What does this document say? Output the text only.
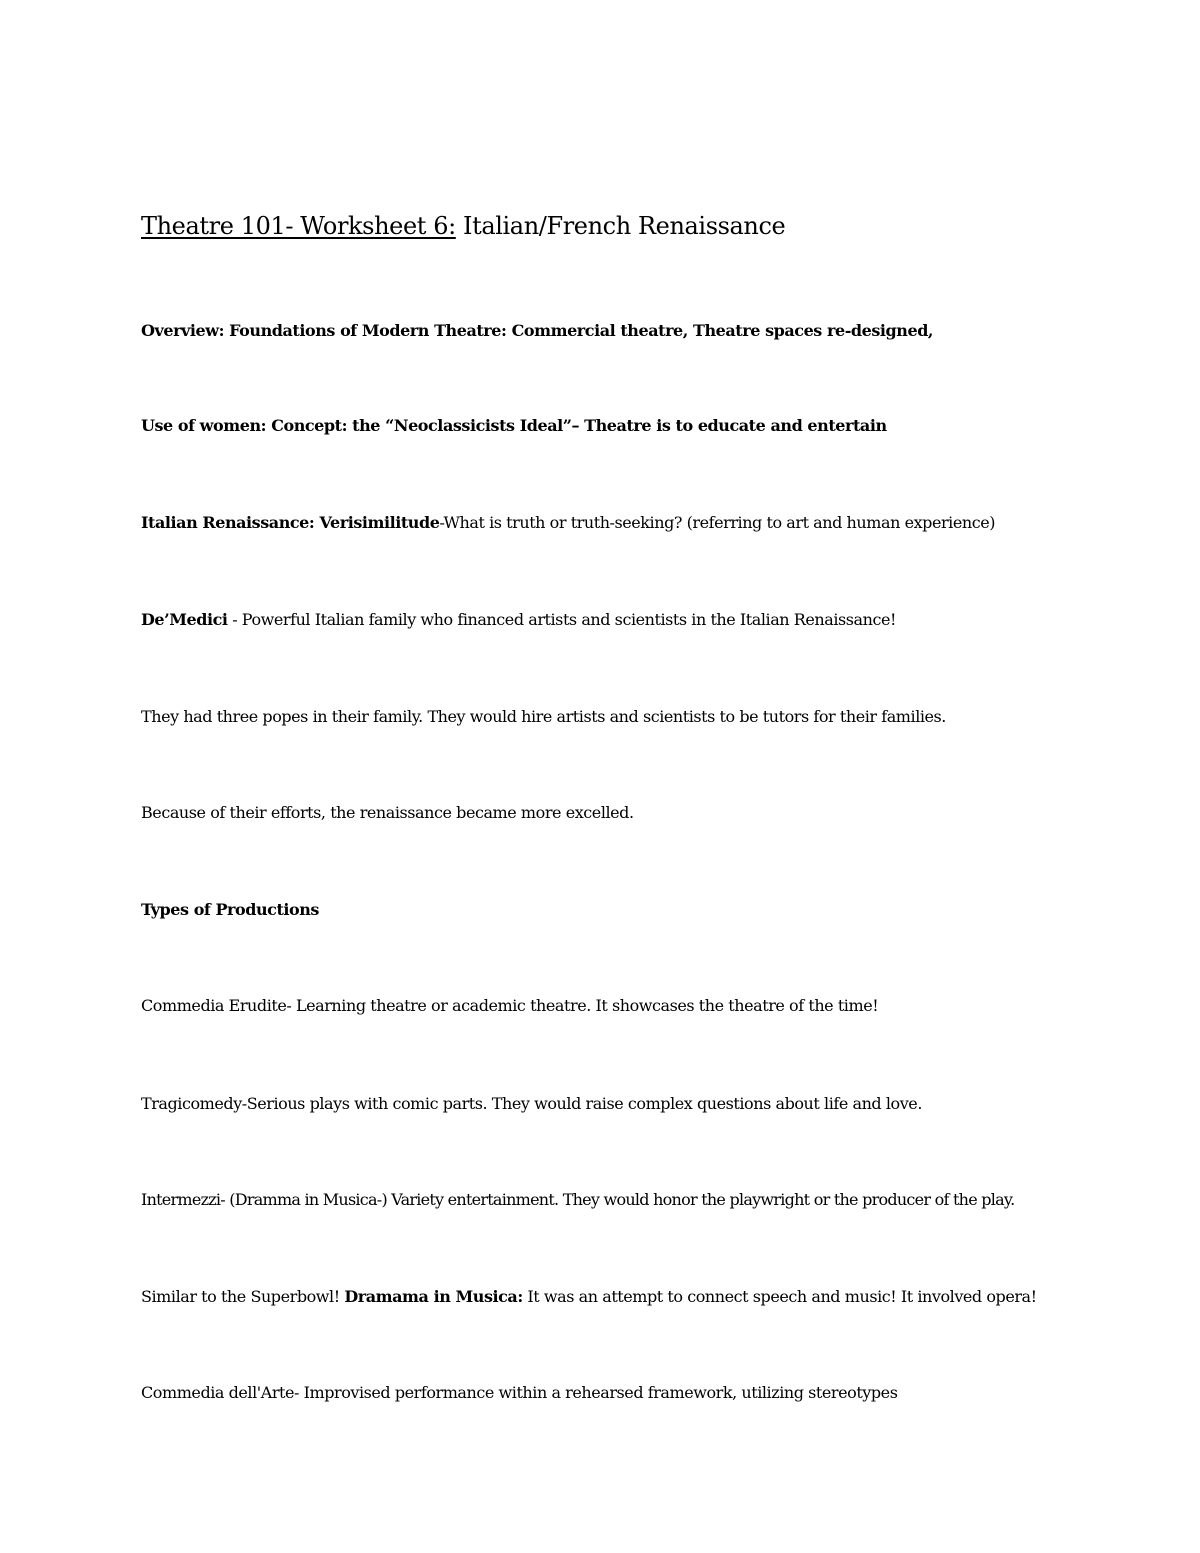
Theatre 101- Worksheet 6: Italian/French Renaissance
Overview: Foundations of Modern Theatre: Commercial theatre, Theatre spaces re-designed,
Use of women: Concept: the “Neoclassicists Ideal”– Theatre is to educate and entertain
Italian Renaissance: Verisimilitude-What is truth or truth-seeking? (referring to art and human experience)
De’Medici - Powerful Italian family who financed artists and scientists in the Italian Renaissance!
They had three popes in their family. They would hire artists and scientists to be tutors for their families.
Because of their efforts, the renaissance became more excelled.
Types of Productions
Commedia Erudite- Learning theatre or academic theatre. It showcases the theatre of the time!
Tragicomedy-Serious plays with comic parts. They would raise complex questions about life and love.
Intermezzi- (Dramma in Musica-) Variety entertainment. They would honor the playwright or the producer of the play.
Similar to the Superbowl! Dramama in Musica: It was an attempt to connect speech and music! It involved opera!
Commedia dell'Arte- Improvised performance within a rehearsed framework, utilizing stereotypes
